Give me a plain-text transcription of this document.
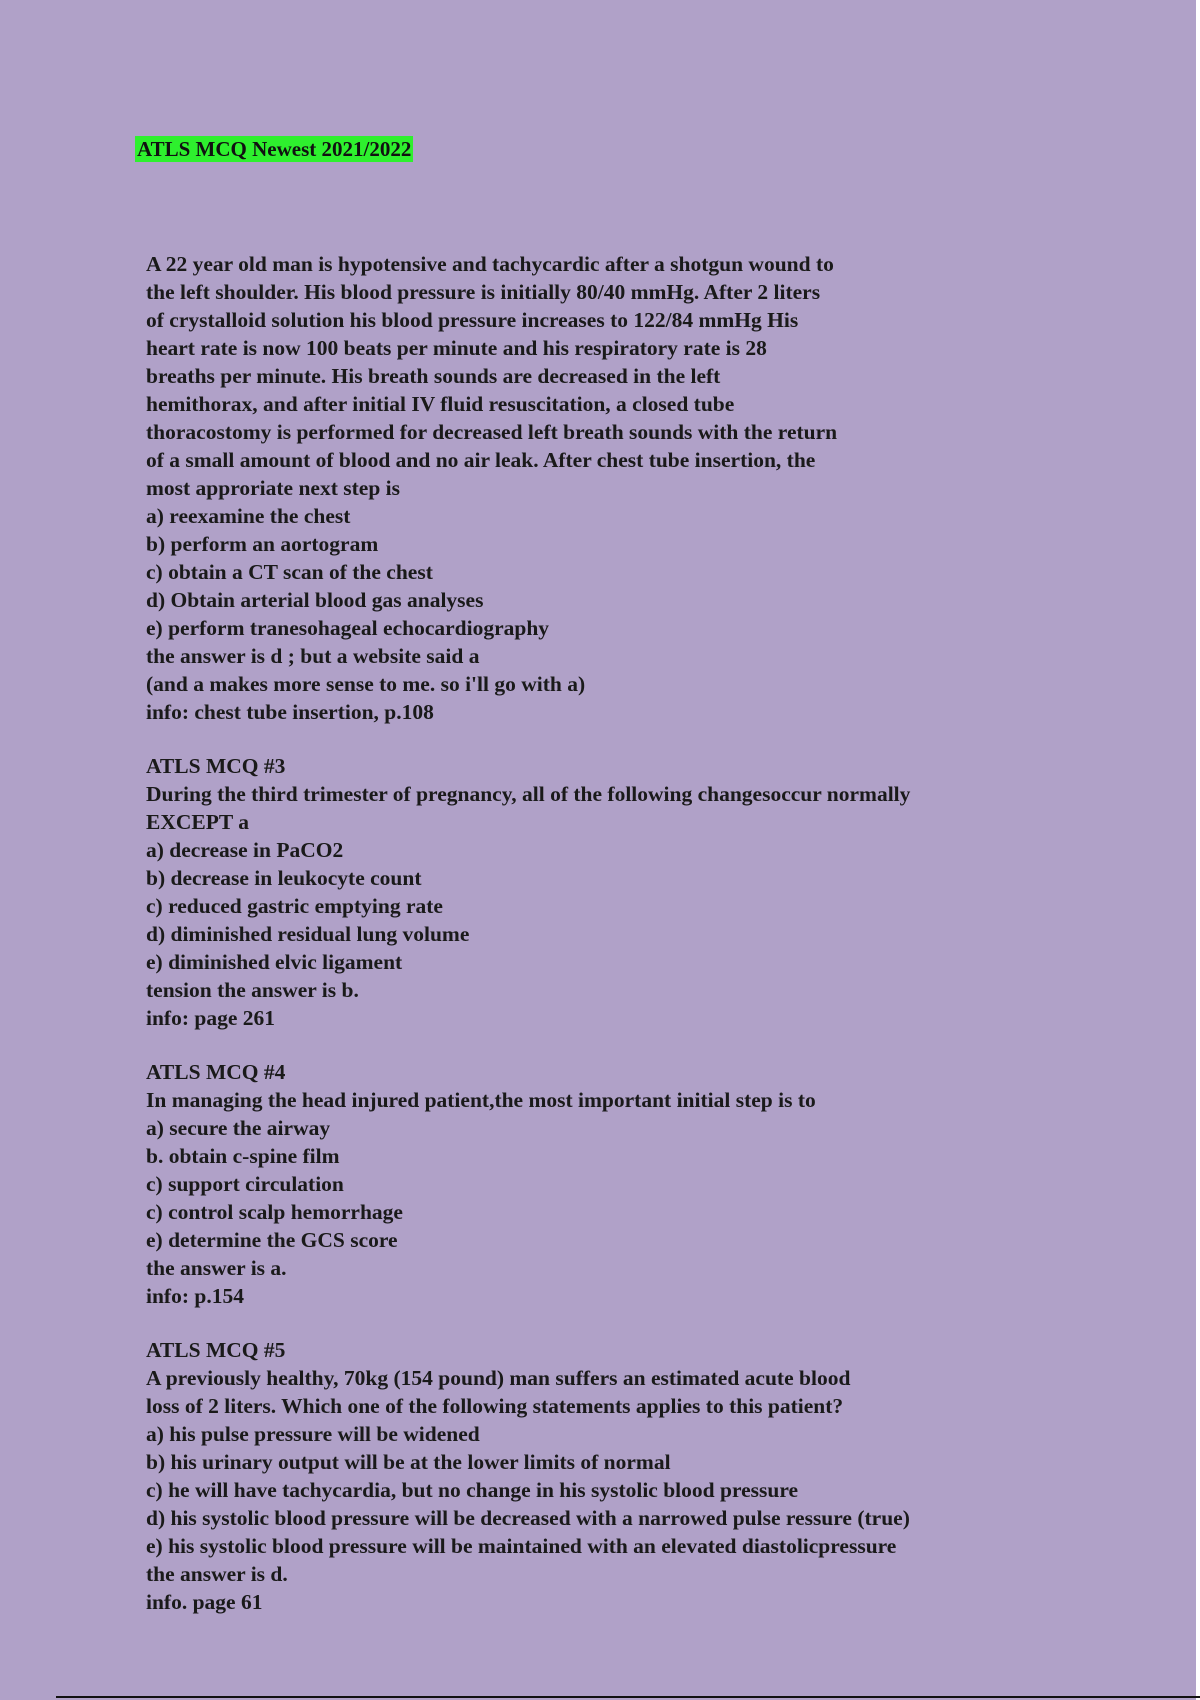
ATLS MCQ Newest 2021/2022
A 22 year old man is hypotensive and tachycardic after a shotgun wound to
the left shoulder. His blood pressure is initially 80/40 mmHg. After 2 liters
of crystalloid solution his blood pressure increases to 122/84 mmHg His
heart rate is now 100 beats per minute and his respiratory rate is 28
breaths per minute. His breath sounds are decreased in the left
hemithorax, and after initial IV fluid resuscitation, a closed tube
thoracostomy is performed for decreased left breath sounds with the return
of a small amount of blood and no air leak. After chest tube insertion, the
most approriate next step is
a) reexamine the chest
b) perform an aortogram
c) obtain a CT scan of the chest
d) Obtain arterial blood gas analyses
e) perform tranesohageal echocardiography
the answer is d ; but a website said a
(and a makes more sense to me. so i'll go with a)
info: chest tube insertion, p.108
ATLS MCQ #3
During the third trimester of pregnancy, all of the following changesoccur normally
EXCEPT a
a) decrease in PaCO2
b) decrease in leukocyte count
c) reduced gastric emptying rate
d) diminished residual lung volume
e) diminished elvic ligament
tension the answer is b.
info: page 261
ATLS MCQ #4
In managing the head injured patient,the most important initial step is to
a) secure the airway
b. obtain c-spine film
c) support circulation
c) control scalp hemorrhage
e) determine the GCS score
the answer is a.
info: p.154
ATLS MCQ #5
A previously healthy, 70kg (154 pound) man suffers an estimated acute blood
loss of 2 liters. Which one of the following statements applies to this patient?
a) his pulse pressure will be widened
b) his urinary output will be at the lower limits of normal
c) he will have tachycardia, but no change in his systolic blood pressure
d) his systolic blood pressure will be decreased with a narrowed pulse ressure (true)
e) his systolic blood pressure will be maintained with an elevated diastolicpressure
the answer is d.
info. page 61
